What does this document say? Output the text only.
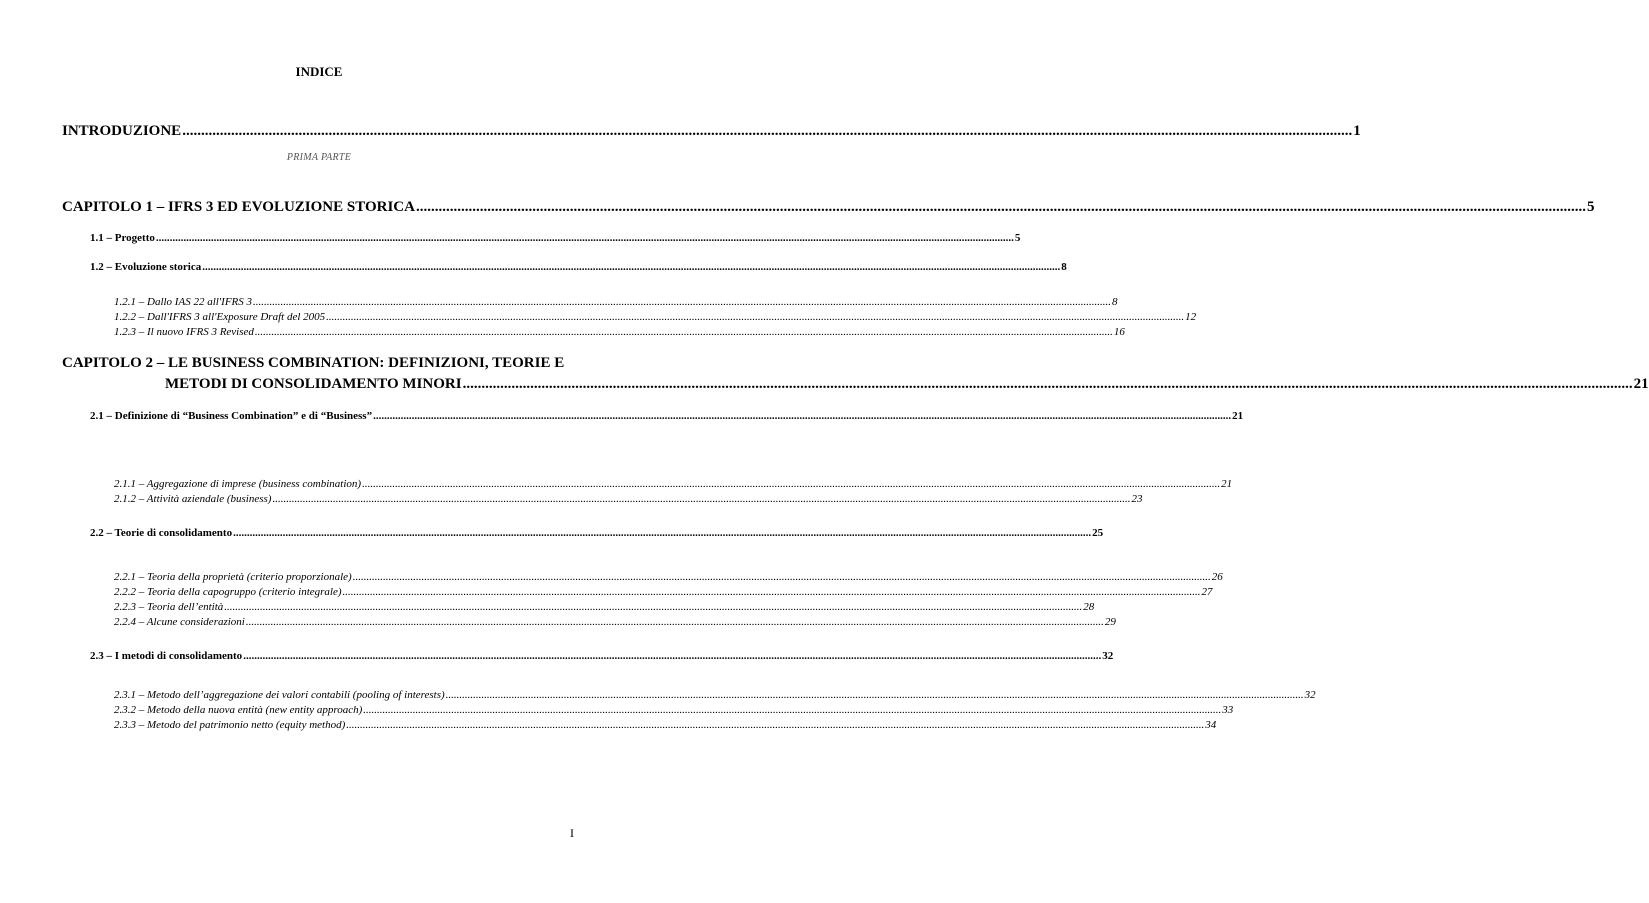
INDICE
INTRODUZIONE ........................................................................................................................................................................................................................................................................................................................ 1
PRIMA PARTE
CAPITOLO 1 – IFRS 3 ED EVOLUZIONE STORICA ........................................................................................................................................................................................................................................................................................................................ 5
1.1 – Progetto ........................................................................................................................................................................................................................................................................................................................ 5
1.2 – Evoluzione storica ........................................................................................................................................................................................................................................................................................................................ 8
1.2.1 – Dallo IAS 22 all'IFRS 3 ........................................................................................................................................................................................................................................................................................................................ 8
1.2.2 – Dall'IFRS 3 all'Exposure Draft del 2005 ........................................................................................................................................................................................................................................................................................................................ 12
1.2.3 – Il nuovo IFRS 3 Revised ........................................................................................................................................................................................................................................................................................................................ 16
CAPITOLO 2 – LE BUSINESS COMBINATION: DEFINIZIONI, TEORIE E
METODI DI CONSOLIDAMENTO MINORI ........................................................................................................................................................................................................................................................................................................................ 21
2.1 – Definizione di “Business Combination” e di “Business” ........................................................................................................................................................................................................................................................................................................................ 21
2.1.1 – Aggregazione di imprese (business combination) ........................................................................................................................................................................................................................................................................................................................ 21
2.1.2 – Attività aziendale (business) ........................................................................................................................................................................................................................................................................................................................ 23
2.2 – Teorie di consolidamento ........................................................................................................................................................................................................................................................................................................................ 25
2.2.1 – Teoria della proprietà (criterio proporzionale) ........................................................................................................................................................................................................................................................................................................................ 26
2.2.2 – Teoria della capogruppo (criterio integrale) ........................................................................................................................................................................................................................................................................................................................ 27
2.2.3 – Teoria dell’entità ........................................................................................................................................................................................................................................................................................................................ 28
2.2.4 – Alcune considerazioni ........................................................................................................................................................................................................................................................................................................................ 29
2.3 – I metodi di consolidamento ........................................................................................................................................................................................................................................................................................................................ 32
2.3.1 – Metodo dell’aggregazione dei valori contabili (pooling of interests) ........................................................................................................................................................................................................................................................................................................................ 32
2.3.2 – Metodo della nuova entità (new entity approach) ........................................................................................................................................................................................................................................................................................................................ 33
2.3.3 – Metodo del patrimonio netto (equity method) ........................................................................................................................................................................................................................................................................................................................ 34
I
